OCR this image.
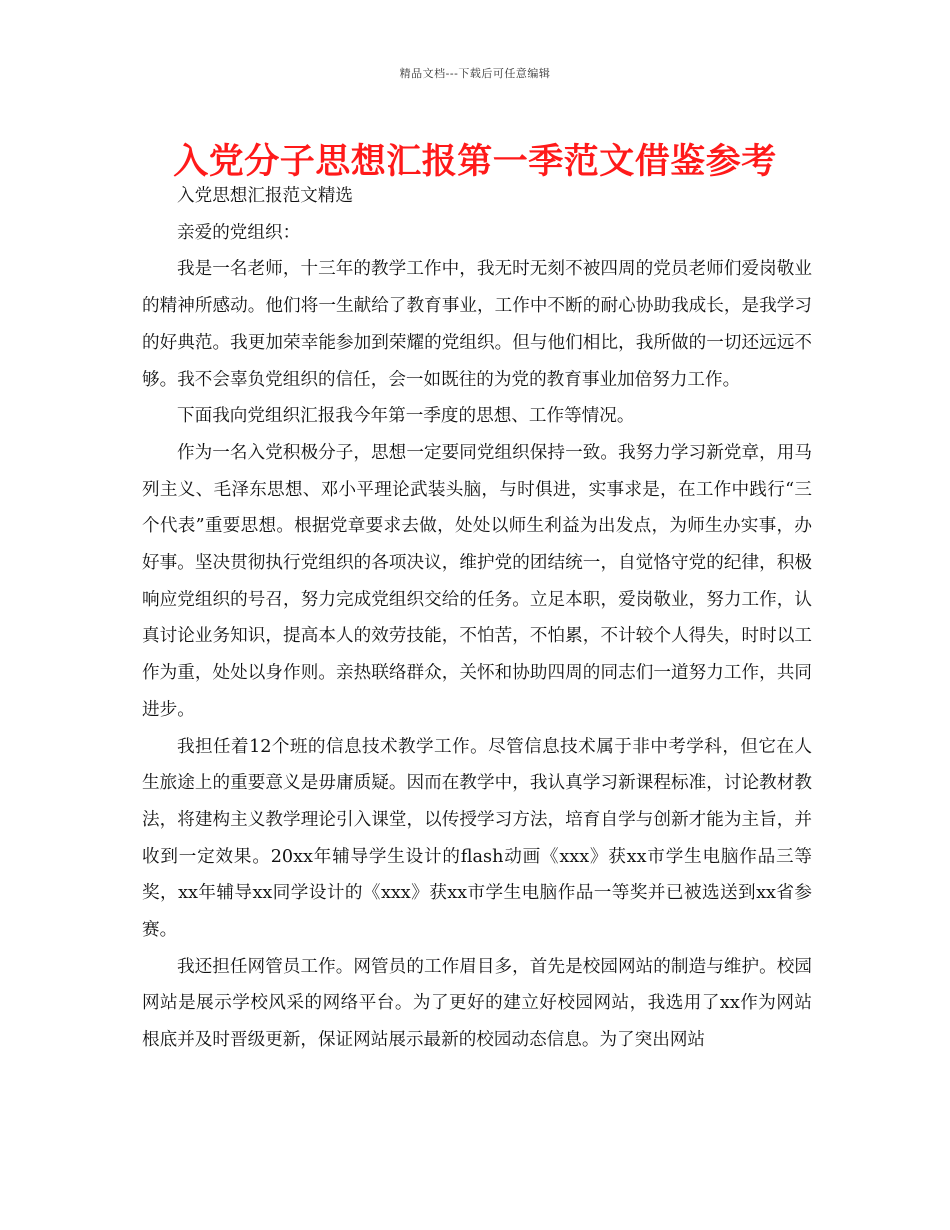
精品文档---下载后可任意编辑
入党分子思想汇报第一季范文借鉴参考

入党思想汇报范文精选

亲爱的党组织：

我是一名老师，十三年的教学工作中，我无时无刻不被四周的党员老师们爱岗敬业的精神所感动。他们将一生献给了教育事业，工作中不断的耐心协助我成长，是我学习的好典范。我更加荣幸能参加到荣耀的党组织。但与他们相比，我所做的一切还远远不够。我不会辜负党组织的信任，会一如既往的为党的教育事业加倍努力工作。

下面我向党组织汇报我今年第一季度的思想、工作等情况。

作为一名入党积极分子，思想一定要同党组织保持一致。我努力学习新党章，用马列主义、毛泽东思想、邓小平理论武装头脑，与时俱进，实事求是，在工作中践行“三个代表”重要思想。根据党章要求去做，处处以师生利益为出发点，为师生办实事，办好事。坚决贯彻执行党组织的各项决议，维护党的团结统一，自觉恪守党的纪律，积极响应党组织的号召，努力完成党组织交给的任务。立足本职，爱岗敬业，努力工作，认真讨论业务知识，提高本人的效劳技能，不怕苦，不怕累，不计较个人得失，时时以工作为重，处处以身作则。亲热联络群众，关怀和协助四周的同志们一道努力工作，共同进步。

我担任着12个班的信息技术教学工作。尽管信息技术属于非中考学科，但它在人生旅途上的重要意义是毋庸质疑。因而在教学中，我认真学习新课程标准，讨论教材教法，将建构主义教学理论引入课堂，以传授学习方法，培育自学与创新才能为主旨，并收到一定效果。20xx年辅导学生设计的flash动画《xxx》获xx市学生电脑作品三等奖，xx年辅导xx同学设计的《xxx》获xx市学生电脑作品一等奖并已被选送到xx省参赛。

我还担任网管员工作。网管员的工作眉目多，首先是校园网站的制造与维护。校园网站是展示学校风采的网络平台。为了更好的建立好校园网站，我选用了xx作为网站根底并及时晋级更新，保证网站展示最新的校园动态信息。为了突出网站
